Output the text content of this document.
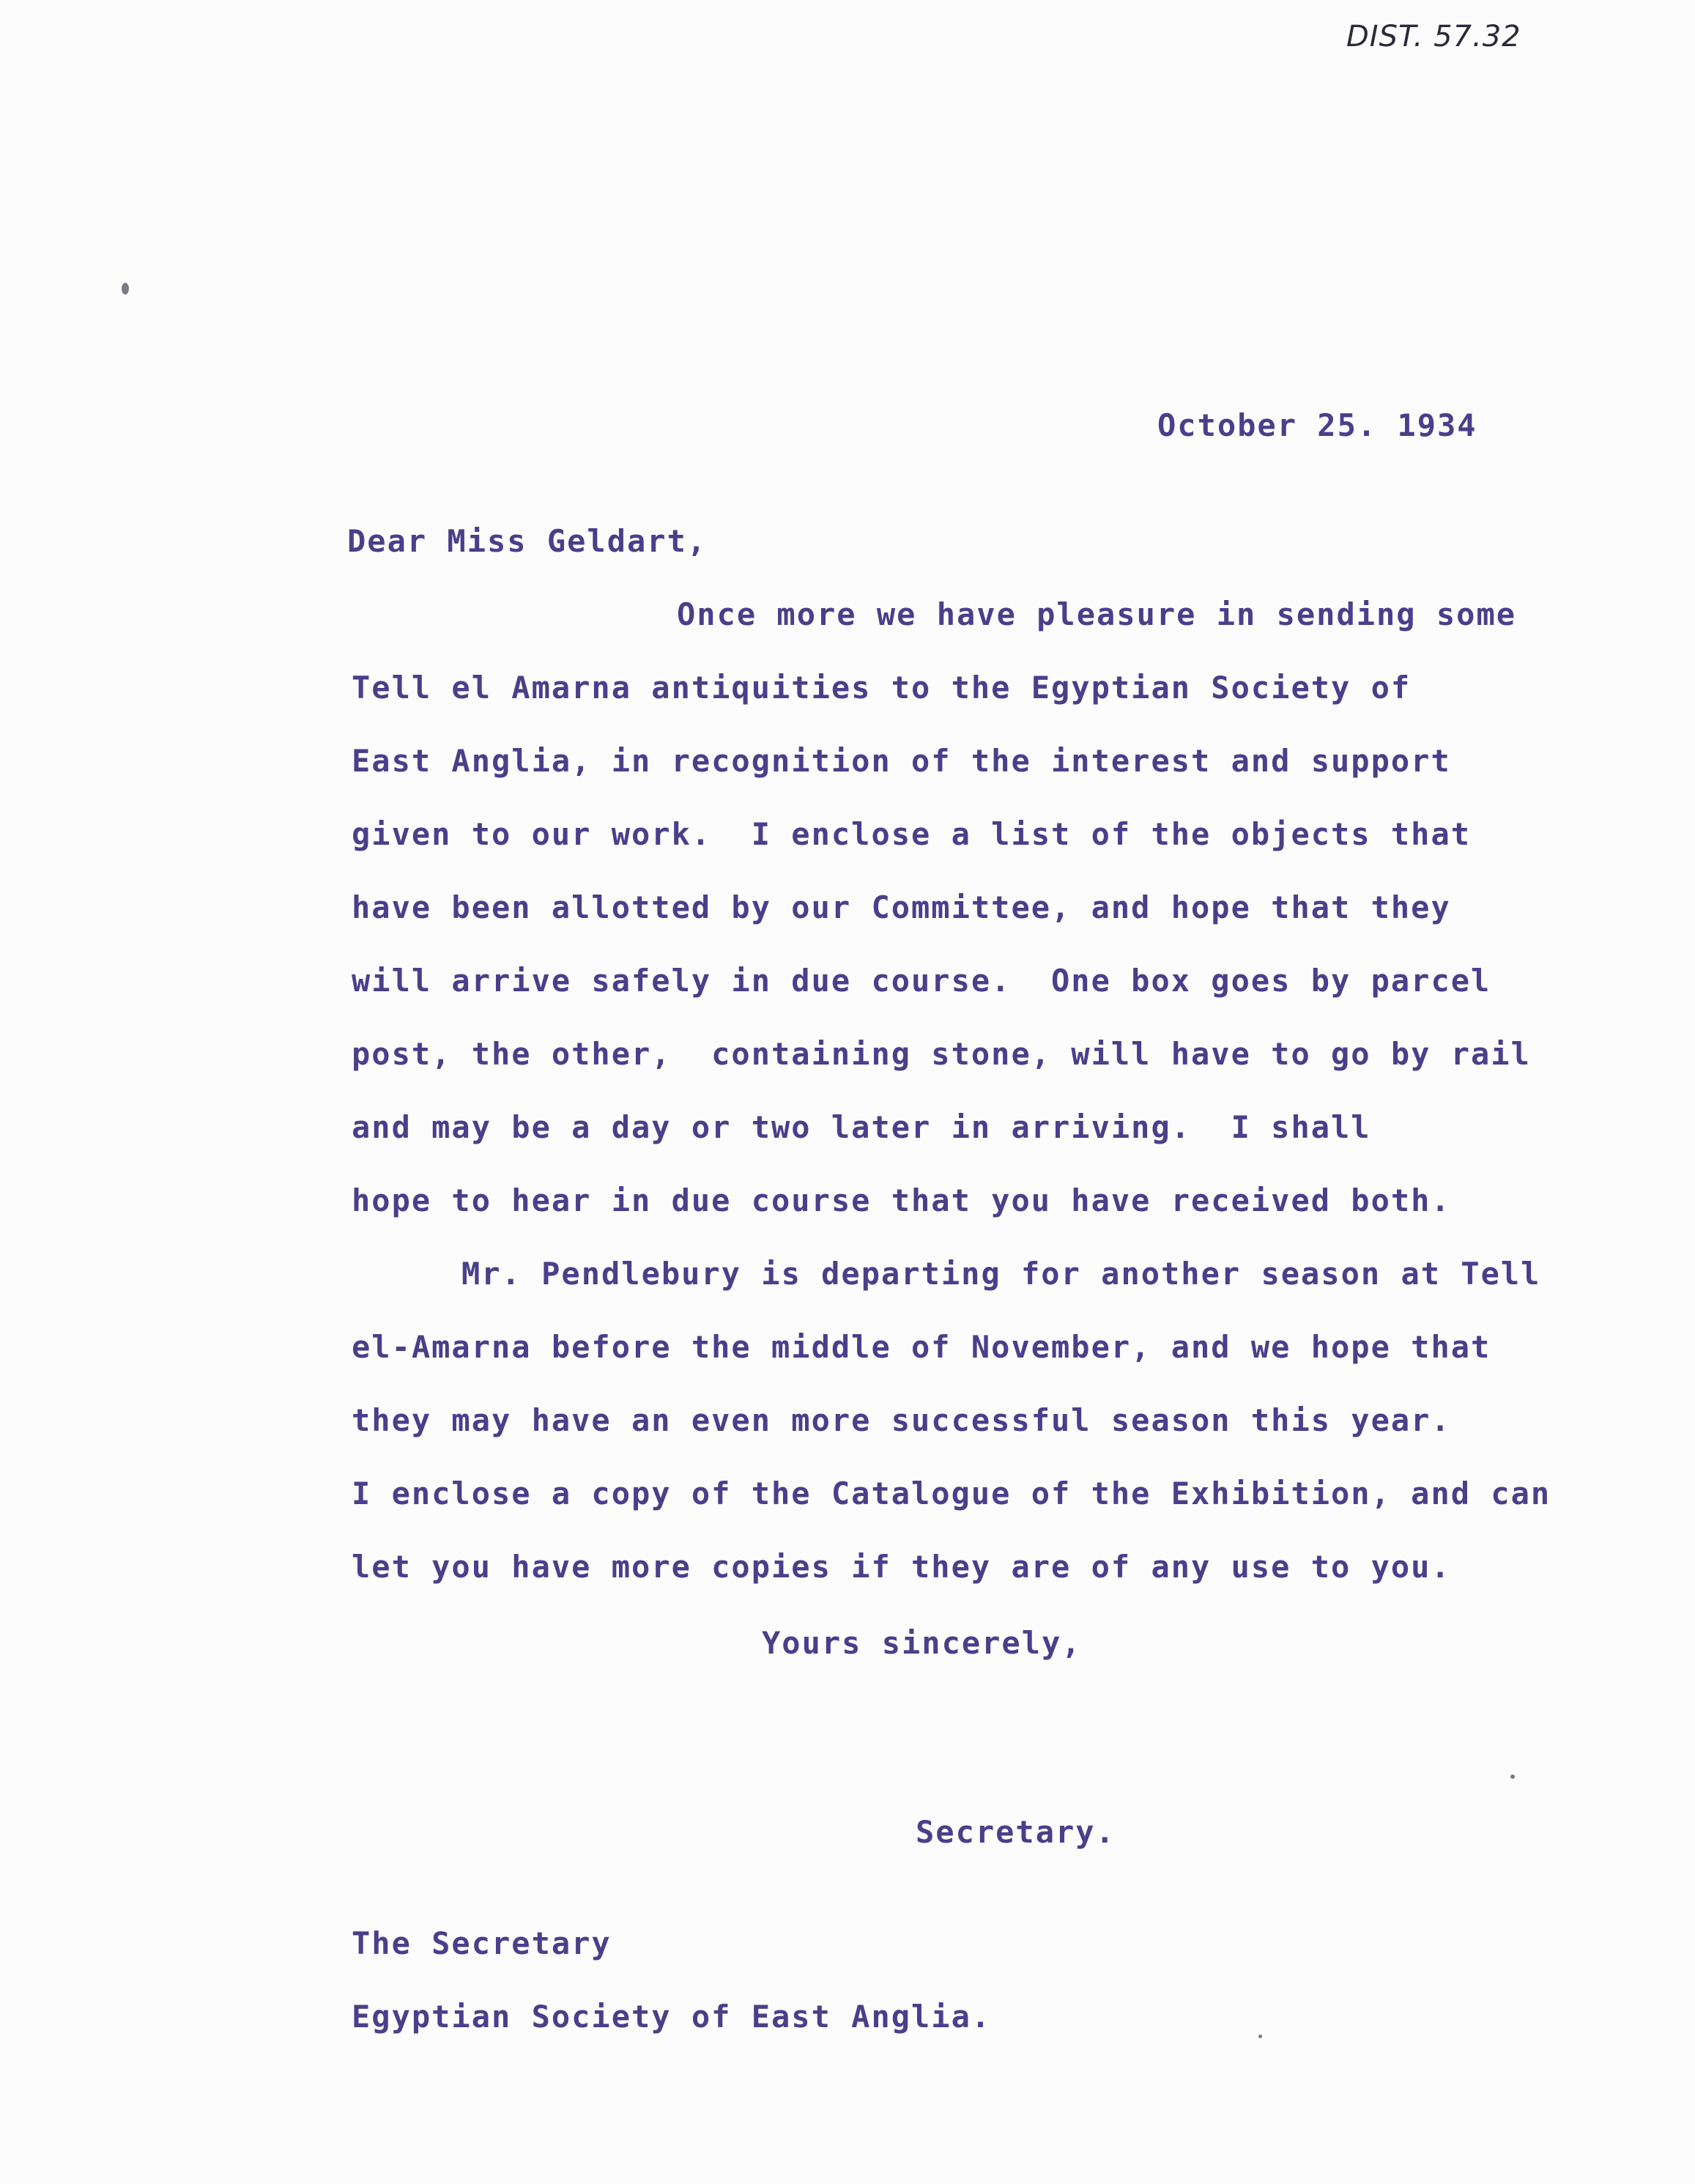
DIST. 57.32
October 25. 1934
Dear Miss Geldart,
Once more we have pleasure in sending some
Tell el Amarna antiquities to the Egyptian Society of
East Anglia, in recognition of the interest and support
given to our work.  I enclose a list of the objects that
have been allotted by our Committee, and hope that they
will arrive safely in due course.  One box goes by parcel
post, the other,  containing stone, will have to go by rail
and may be a day or two later in arriving.  I shall
hope to hear in due course that you have received both.
Mr. Pendlebury is departing for another season at Tell
el-Amarna before the middle of November, and we hope that
they may have an even more successful season this year.
I enclose a copy of the Catalogue of the Exhibition, and can
let you have more copies if they are of any use to you.
Yours sincerely,
Secretary.
The Secretary
Egyptian Society of East Anglia.
